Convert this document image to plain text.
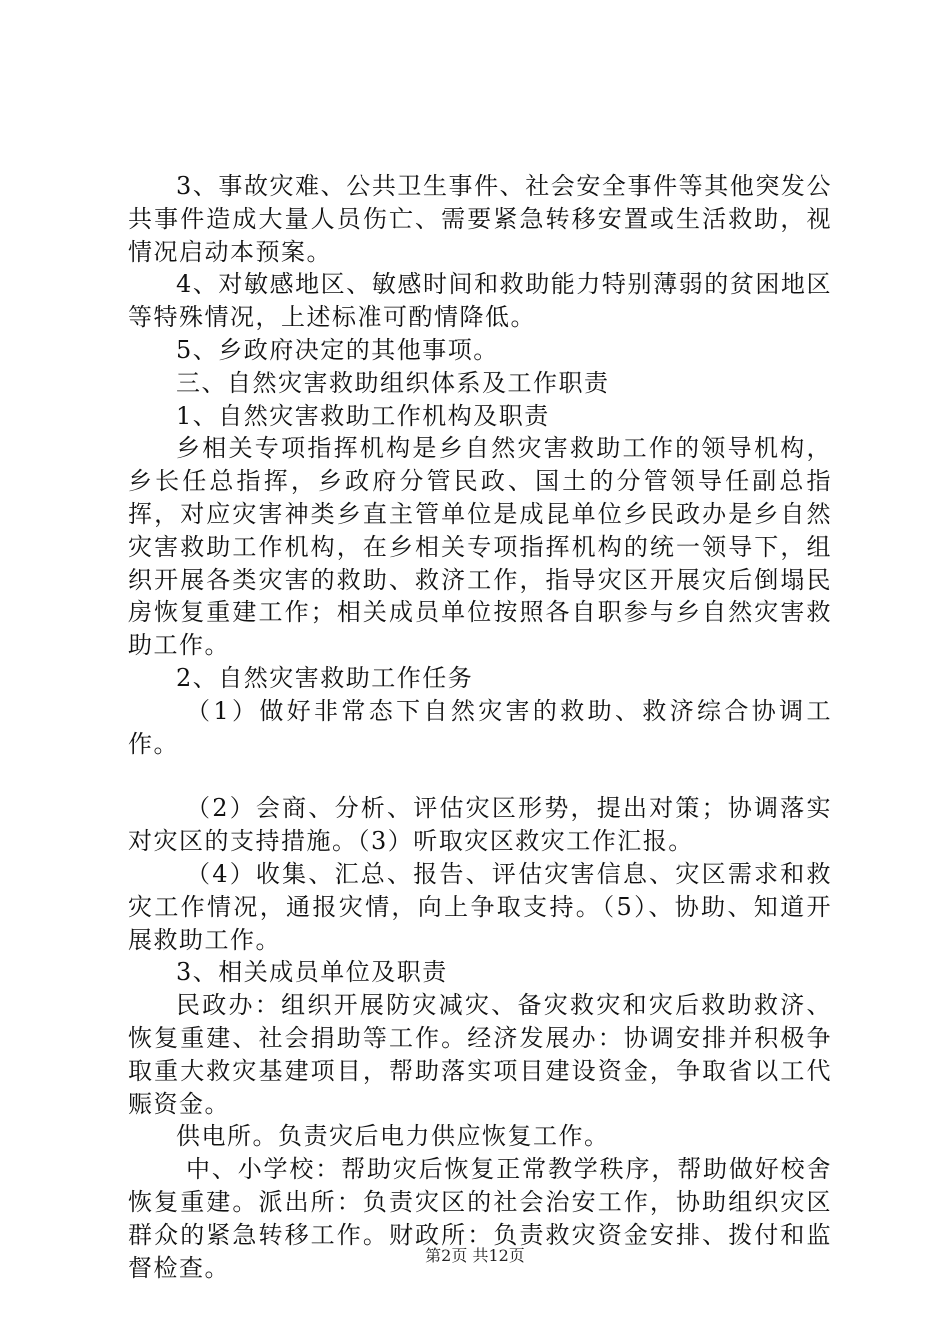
3、事故灾难、公共卫生事件、社会安全事件等其他突发公共事件造成大量人员伤亡、需要紧急转移安置或生活救助，视情况启动本预案。

4、对敏感地区、敏感时间和救助能力特别薄弱的贫困地区等特殊情况，上述标准可酌情降低。

5、乡政府决定的其他事项。

三、自然灾害救助组织体系及工作职责

1、自然灾害救助工作机构及职责

乡相关专项指挥机构是乡自然灾害救助工作的领导机构，乡长任总指挥，乡政府分管民政、国土的分管领导任副总指挥，对应灾害神类乡直主管单位是成昆单位乡民政办是乡自然灾害救助工作机构，在乡相关专项指挥机构的统一领导下，组织开展各类灾害的救助、救济工作，指导灾区开展灾后倒塌民房恢复重建工作；相关成员单位按照各自职参与乡自然灾害救助工作。

2、自然灾害救助工作任务

（1）做好非常态下自然灾害的救助、救济综合协调工作。

（2）会商、分析、评估灾区形势，提出对策；协调落实对灾区的支持措施。（3）听取灾区救灾工作汇报。

（4）收集、汇总、报告、评估灾害信息、灾区需求和救灾工作情况，通报灾情，向上争取支持。（5）、协助、知道开展救助工作。

3、相关成员单位及职责

民政办：组织开展防灾减灾、备灾救灾和灾后救助救济、恢复重建、社会捐助等工作。经济发展办：协调安排并积极争取重大救灾基建项目，帮助落实项目建设资金，争取省以工代赈资金。

供电所。负责灾后电力供应恢复工作。

中、小学校：帮助灾后恢复正常教学秩序，帮助做好校舍恢复重建。派出所：负责灾区的社会治安工作，协助组织灾区群众的紧急转移工作。财政所：负责救灾资金安排、拨付和监督检查。	第2页 共12页
